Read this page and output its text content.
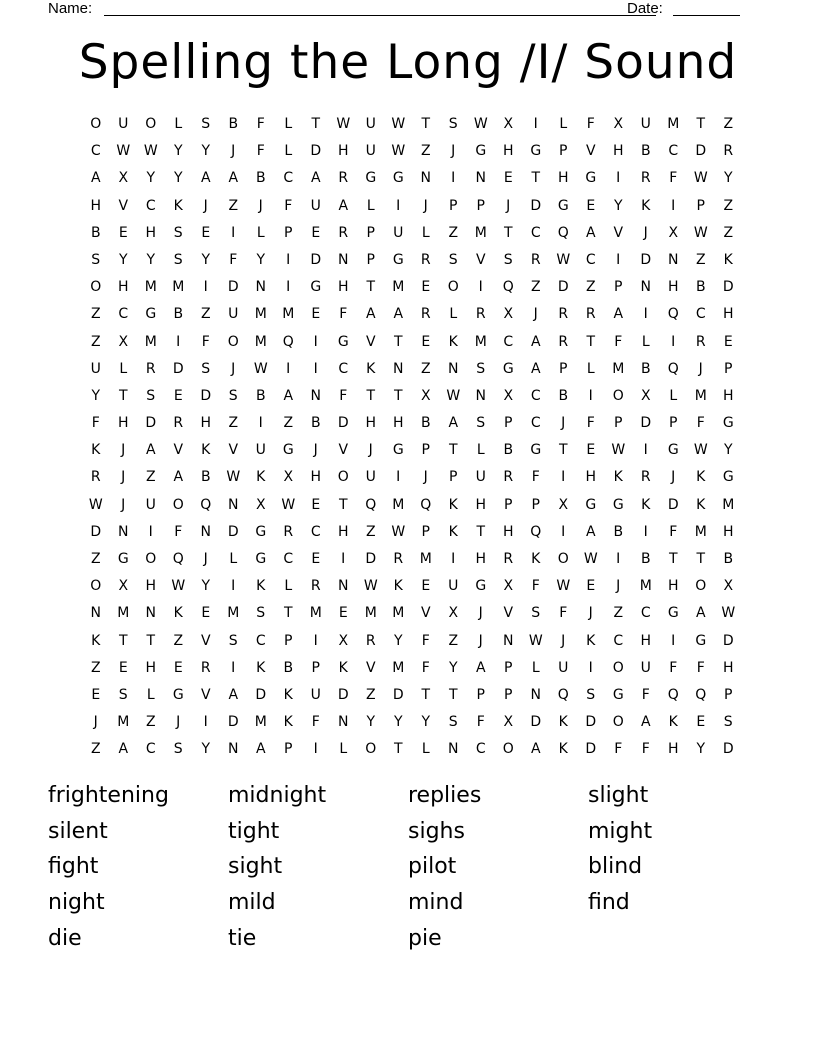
Name:	Date:
Spelling the Long /I/ Sound
O	U	O	L	S	B	F	L	T	W	U	W	T	S	W	X	I	L	F	X	U	M	T	Z
C	W W	Y	Y	J	F	L	D	H	U	W	Z	J	G	H	G	P	V	H	B	C	D	R
A	X	Y	Y	A	A	B	C	A	R	G	G	N	I	N	E	T	H	G	I	R	F	W	Y
H	V	C	K	J	Z	J	F	U	A	L	I	J	P	P	J	D	G	E	Y	K	I	P	Z
B	E	H	S	E	I	L	P	E	R	P	U	L	Z	M	T	C	Q	A	V	J	X	W	Z
S	Y	Y	S	Y	F	Y	I	D	N	P	G	R	S	V	S	R	W	C	I	D	N	Z	K
O	H	M	M	I	D	N	I	G	H	T	M	E	O	I	Q	Z	D	Z	P	N	H	B	D
Z	C	G	B	Z	U	M	M	E	F	A	A	R	L	R	X	J	R	R	A	I	Q	C	H
Z	X	M	I	F	O	M	Q	I	G	V	T	E	K	M	C	A	R	T	F	L	I	R	E
U	L	R	D	S	J	W	I	I	C	K	N	Z	N	S	G	A	P	L	M	B	Q	J	P
Y	T	S	E	D	S	B	A	N	F	T	T	X	W	N	X	C	B	I	O	X	L	M	H
F	H	D	R	H	Z	I	Z	B	D	H	H	B	A	S	P	C	J	F	P	D	P	F	G
K	J	A	V	K	V	U	G	J	V	J	G	P	T	L	B	G	T	E	W	I	G	W	Y
R	J	Z	A	B	W	K	X	H	O	U	I	J	P	U	R	F	I	H	K	R	J	K	G
W	J	U	O	Q	N	X	W	E	T	Q	M	Q	K	H	P	P	X	G	G	K	D	K	M
D	N	I	F	N	D	G	R	C	H	Z	W	P	K	T	H	Q	I	A	B	I	F	M	H
Z	G	O	Q	J	L	G	C	E	I	D	R	M	I	H	R	K	O	W	I	B	T	T	B
O	X	H	W	Y	I	K	L	R	N	W	K	E	U	G	X	F	W	E	J	M	H	O	X
N	M	N	K	E	M	S	T	M	E	M	M	V	X	J	V	S	F	J	Z	C	G	A	W
K	T	T	Z	V	S	C	P	I	X	R	Y	F	Z	J	N	W	J	K	C	H	I	G	D
Z	E	H	E	R	I	K	B	P	K	V	M	F	Y	A	P	L	U	I	O	U	F	F	H
E	S	L	G	V	A	D	K	U	D	Z	D	T	T	P	P	N	Q	S	G	F	Q	Q	P
J	M	Z	J	I	D	M	K	F	N	Y	Y	Y	S	F	X	D	K	D	O	A	K	E	S
Z	A	C	S	Y	N	A	P	I	L	O	T	L	N	C	O	A	K	D	F	F	H	Y	D
frightening	midnight	replies	slight
silent	tight	sighs	might
fight	sight	pilot	blind
night	mild	mind	find
die	tie	pie
